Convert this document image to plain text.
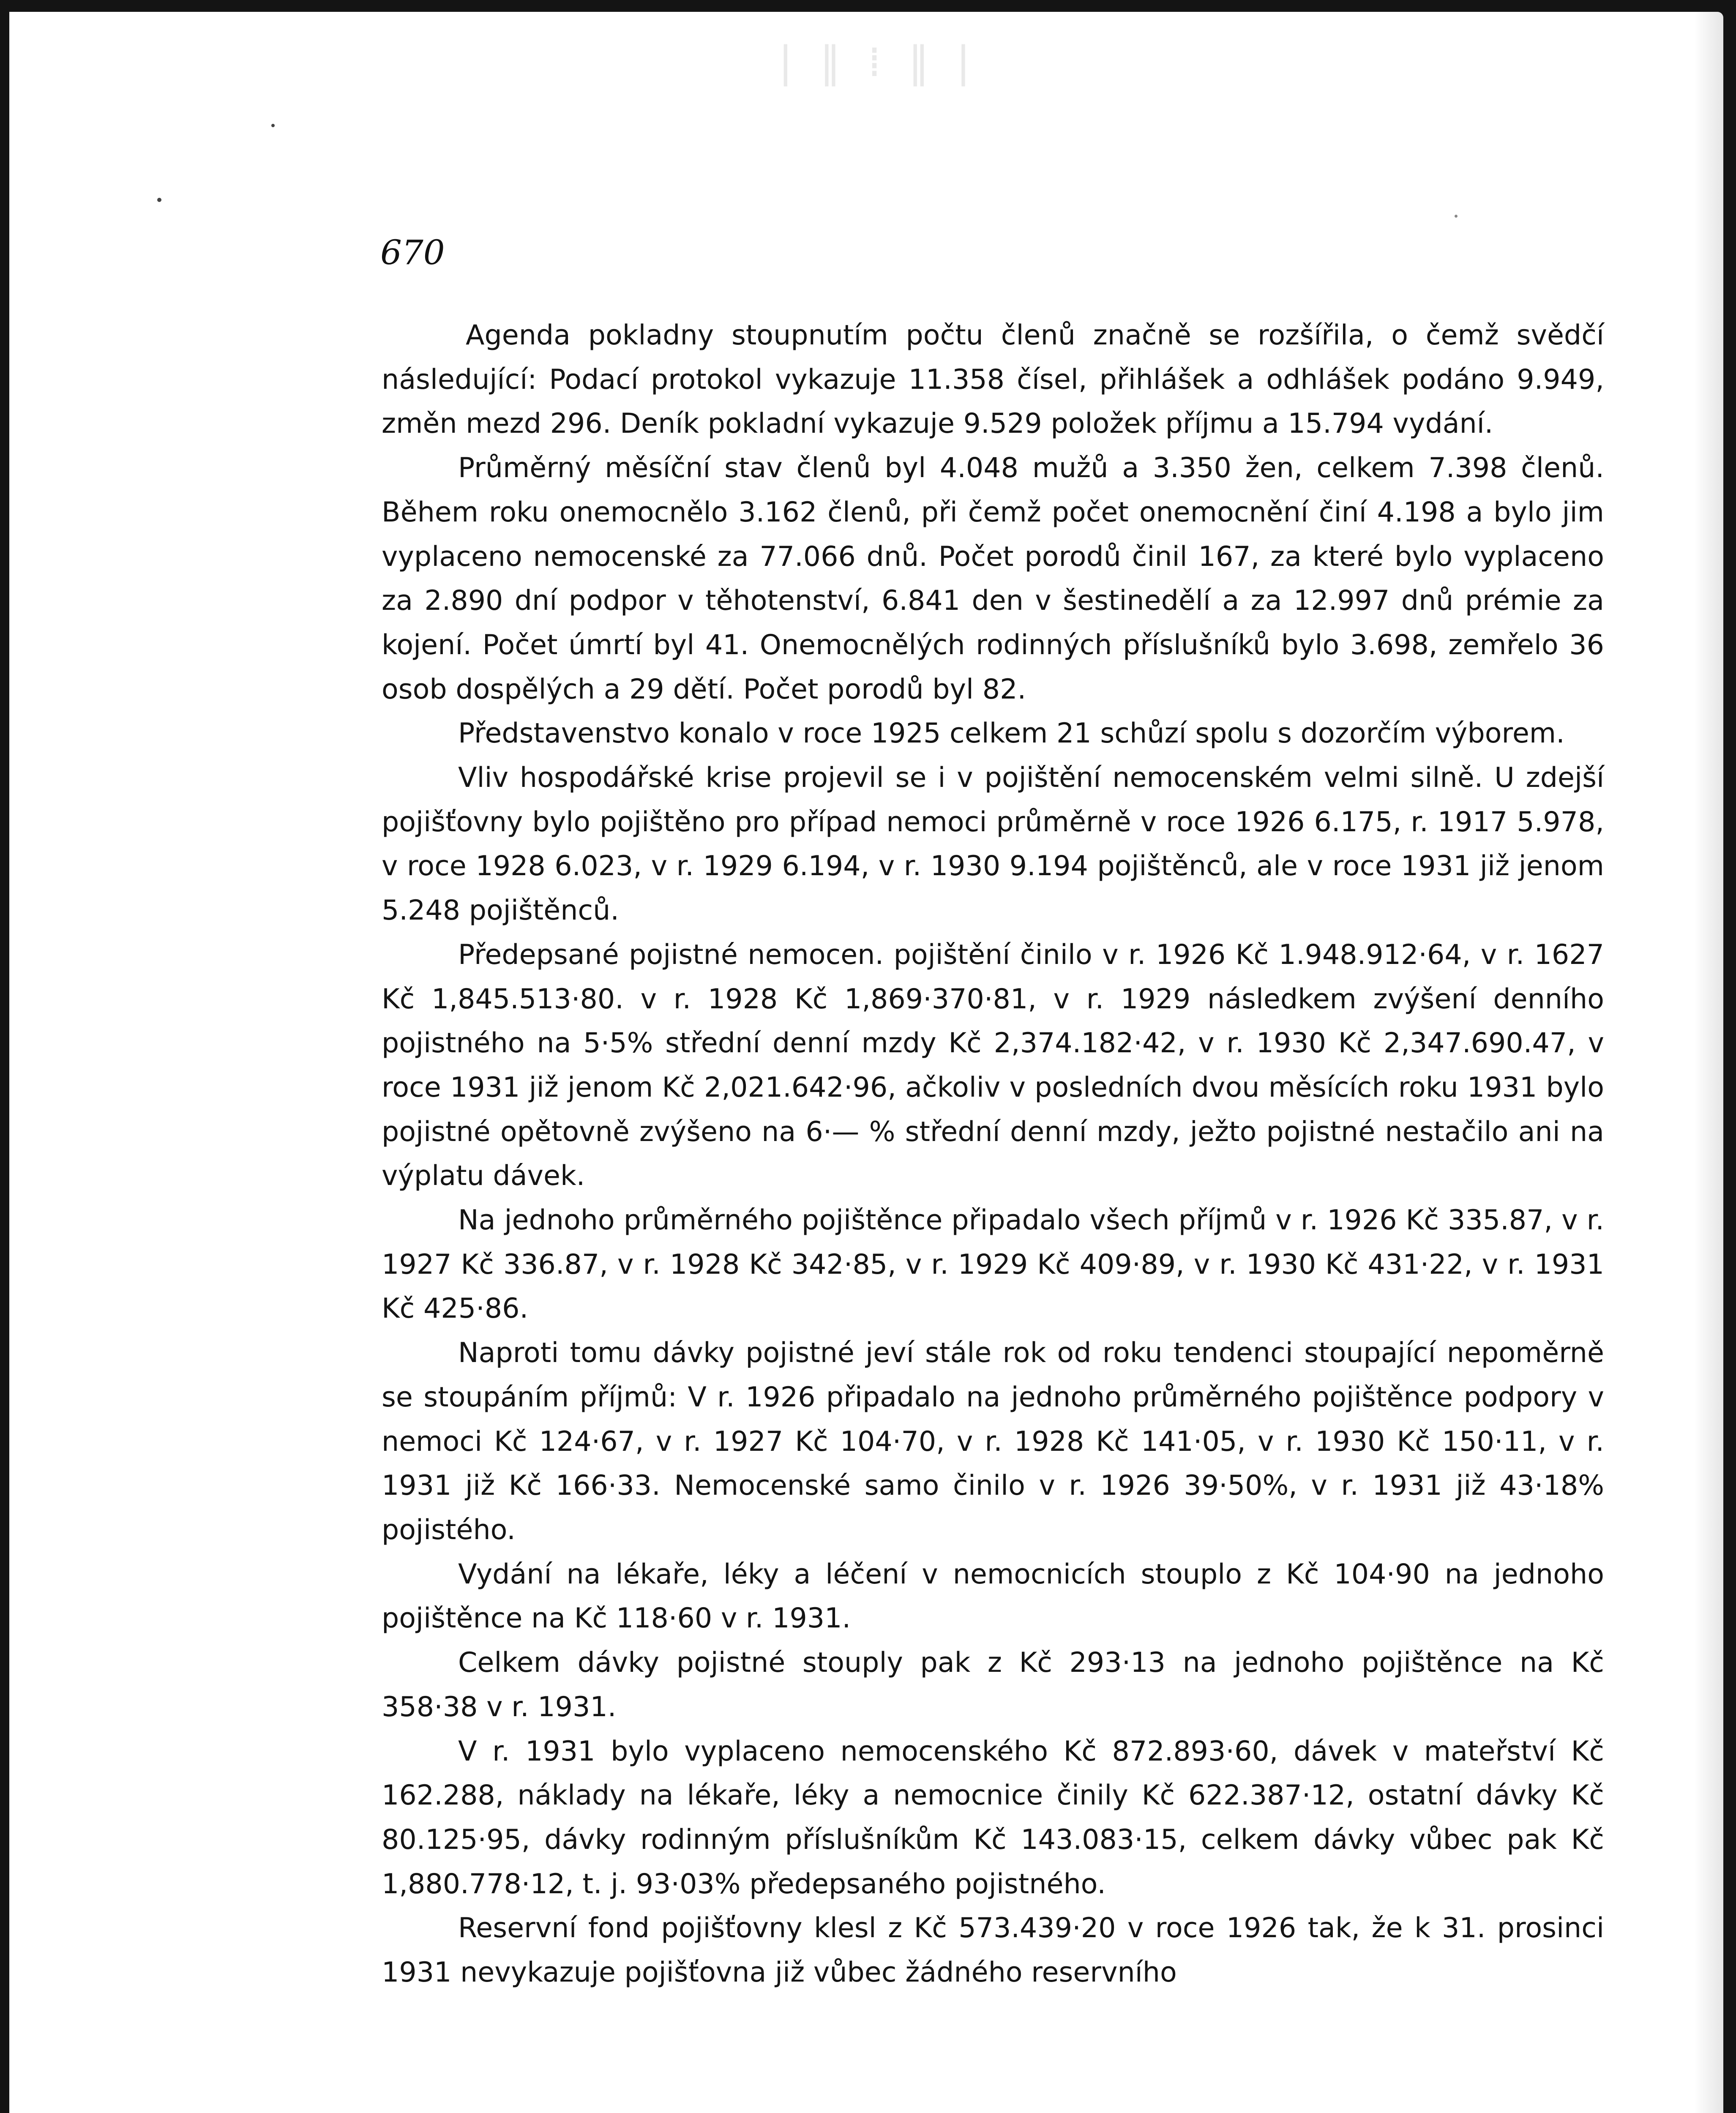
| ‖ ⁞ ‖ |
670

Agenda pokladny stoupnutím počtu členů značně se rozšířila, o čemž svědčí následující: Podací protokol vykazuje 11.358 čísel, přihlášek a odhlášek podáno 9.949, změn mezd 296. Deník pokladní vykazuje 9.529 položek příjmu a 15.794 vydání.

Průměrný měsíční stav členů byl 4.048 mužů a 3.350 žen, celkem 7.398 členů. Během roku onemocnělo 3.162 členů, při čemž počet onemocnění činí 4.198 a bylo jim vyplaceno nemocenské za 77.066 dnů. Počet porodů činil 167, za které bylo vyplaceno za 2.890 dní podpor v těhotenství, 6.841 den v šestinedělí a za 12.997 dnů prémie za kojení. Počet úmrtí byl 41. Onemocnělých rodinných příslušníků bylo 3.698, zemřelo 36 osob dospělých a 29 dětí. Počet porodů byl 82.

Představenstvo konalo v roce 1925 celkem 21 schůzí spolu s dozorčím výborem.

Vliv hospodářské krise projevil se i v pojištění nemocenském velmi silně. U zdejší pojišťovny bylo pojištěno pro případ nemoci průměrně v roce 1926 6.175, r. 1917 5.978, v roce 1928 6.023, v r. 1929 6.194, v r. 1930 9.194 pojištěnců, ale v roce 1931 již jenom 5.248 pojištěnců.

Předepsané pojistné nemocen. pojištění činilo v r. 1926 Kč 1.948.912·64, v r. 1627 Kč 1,845.513·80. v r. 1928 Kč 1,869·370·81, v r. 1929 následkem zvýšení denního pojistného na 5·5% střední denní mzdy Kč 2,374.182·42, v r. 1930 Kč 2,347.690.47, v roce 1931 již jenom Kč 2,021.642·96, ačkoliv v posledních dvou měsících roku 1931 bylo pojistné opětovně zvýšeno na 6·— % střední denní mzdy, ježto pojistné nestačilo ani na výplatu dávek.

Na jednoho průměrného pojištěnce připadalo všech příjmů v r. 1926 Kč 335.87, v r. 1927 Kč 336.87, v r. 1928 Kč 342·85, v r. 1929 Kč 409·89, v r. 1930 Kč 431·22, v r. 1931 Kč 425·86.

Naproti tomu dávky pojistné jeví stále rok od roku tendenci stoupající nepoměrně se stoupáním příjmů: V r. 1926 připadalo na jednoho průměrného pojištěnce podpory v nemoci Kč 124·67, v r. 1927 Kč 104·70, v r. 1928 Kč 141·05, v r. 1930 Kč 150·11, v r. 1931 již Kč 166·33. Nemocenské samo činilo v r. 1926 39·50%, v r. 1931 již 43·18% pojistého.

Vydání na lékaře, léky a léčení v nemocnicích stouplo z Kč 104·90 na jednoho pojištěnce na Kč 118·60 v r. 1931.

Celkem dávky pojistné stouply pak z Kč 293·13 na jednoho pojištěnce na Kč 358·38 v r. 1931.

V r. 1931 bylo vyplaceno nemocenského Kč 872.893·60, dávek v mateřství Kč 162.288, náklady na lékaře, léky a nemocnice činily Kč 622.387·12, ostatní dávky Kč 80.125·95, dávky rodinným příslušníkům Kč 143.083·15, celkem dávky vůbec pak Kč 1,880.778·12, t. j. 93·03% předepsaného pojistného.

Reservní fond pojišťovny klesl z Kč 573.439·20 v roce 1926 tak, že k 31. prosinci 1931 nevykazuje pojišťovna již vůbec žádného reservního
